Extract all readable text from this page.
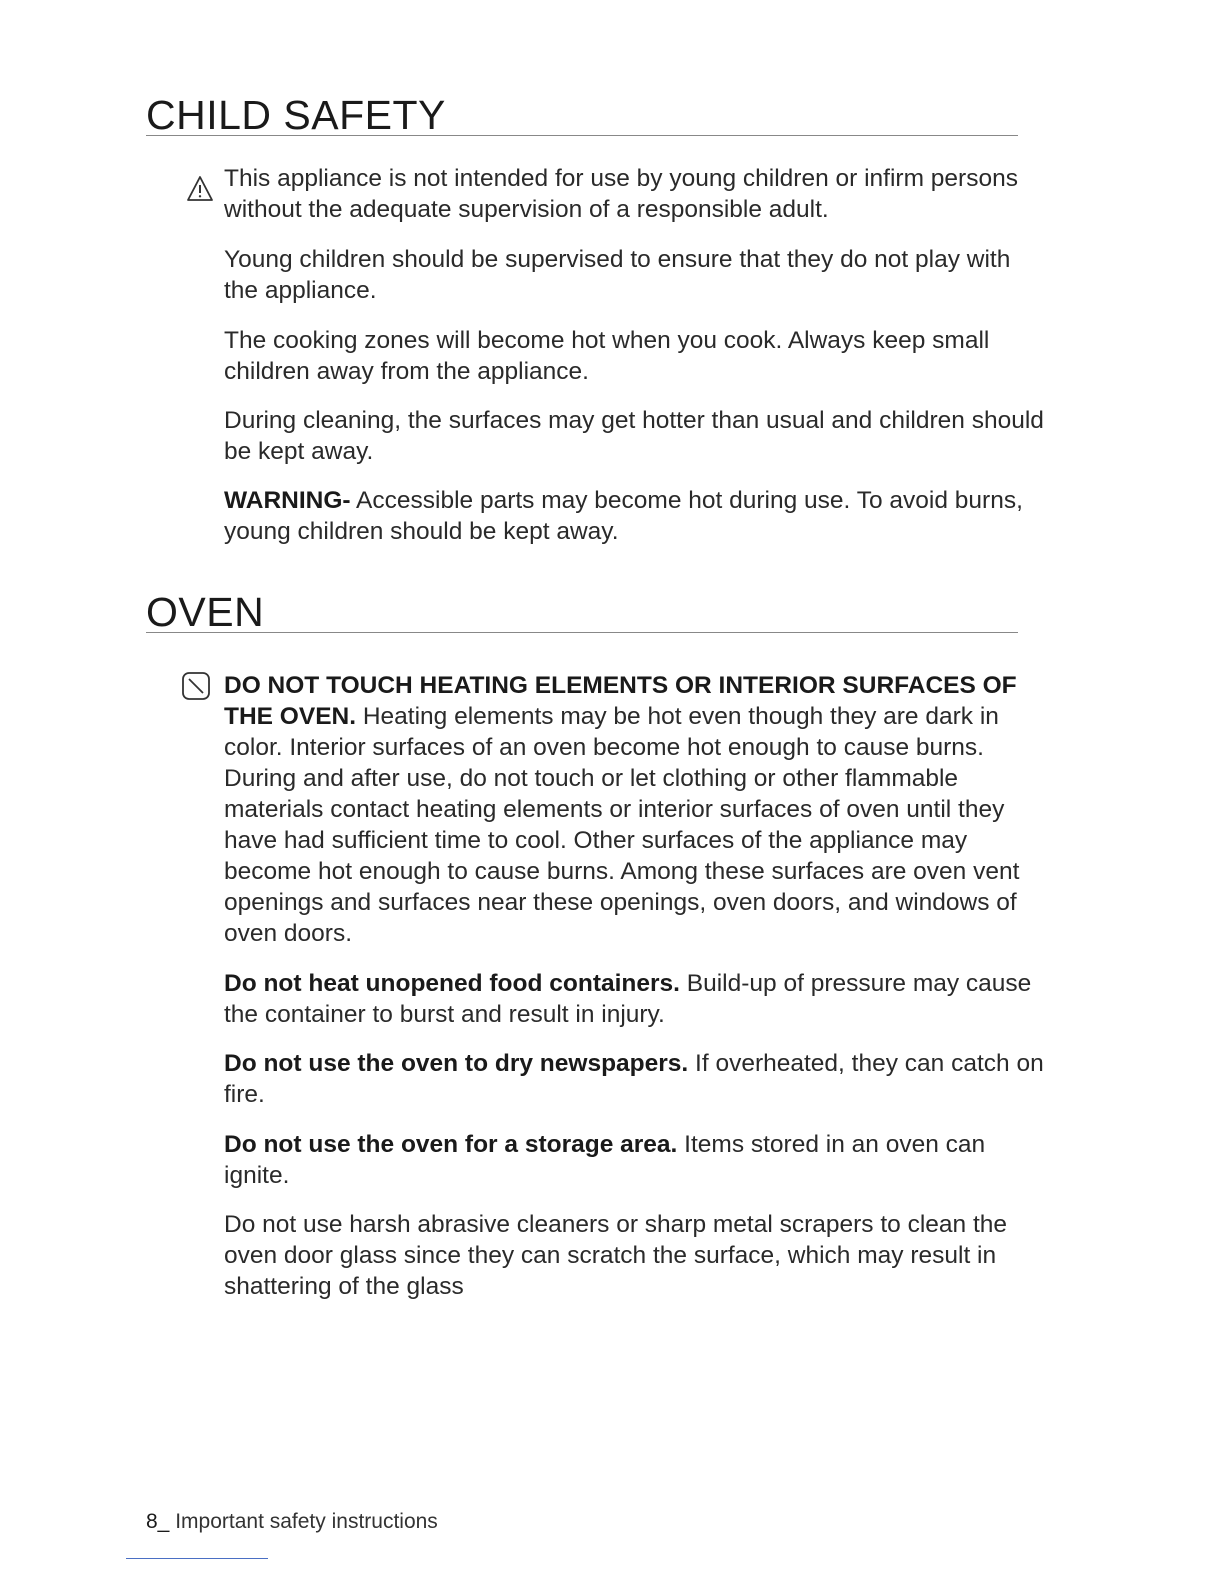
CHILD SAFETY

This appliance is not intended for use by young children or infirm persons without the adequate supervision of a responsible adult.

Young children should be supervised to ensure that they do not play with the appliance.

The cooking zones will become hot when you cook. Always keep small children away from the appliance.

During cleaning, the surfaces may get hotter than usual and children should be kept away.

WARNING- Accessible parts may become hot during use. To avoid burns, young children should be kept away.

OVEN

DO NOT TOUCH HEATING ELEMENTS OR INTERIOR SURFACES OF THE OVEN. Heating elements may be hot even though they are dark in color. Interior surfaces of an oven become hot enough to cause burns. During and after use, do not touch or let clothing or other flammable materials contact heating elements or interior surfaces of oven until they have had sufficient time to cool. Other surfaces of the appliance may become hot enough to cause burns. Among these surfaces are oven vent openings and surfaces near these openings, oven doors, and windows of oven doors.

Do not heat unopened food containers. Build-up of pressure may cause the container to burst and result in injury.

Do not use the oven to dry newspapers. If overheated, they can catch on fire.

Do not use the oven for a storage area. Items stored in an oven can ignite.

Do not use harsh abrasive cleaners or sharp metal scrapers to clean the oven door glass since they can scratch the surface, which may result in shattering of the glass

8_ Important safety instructions
